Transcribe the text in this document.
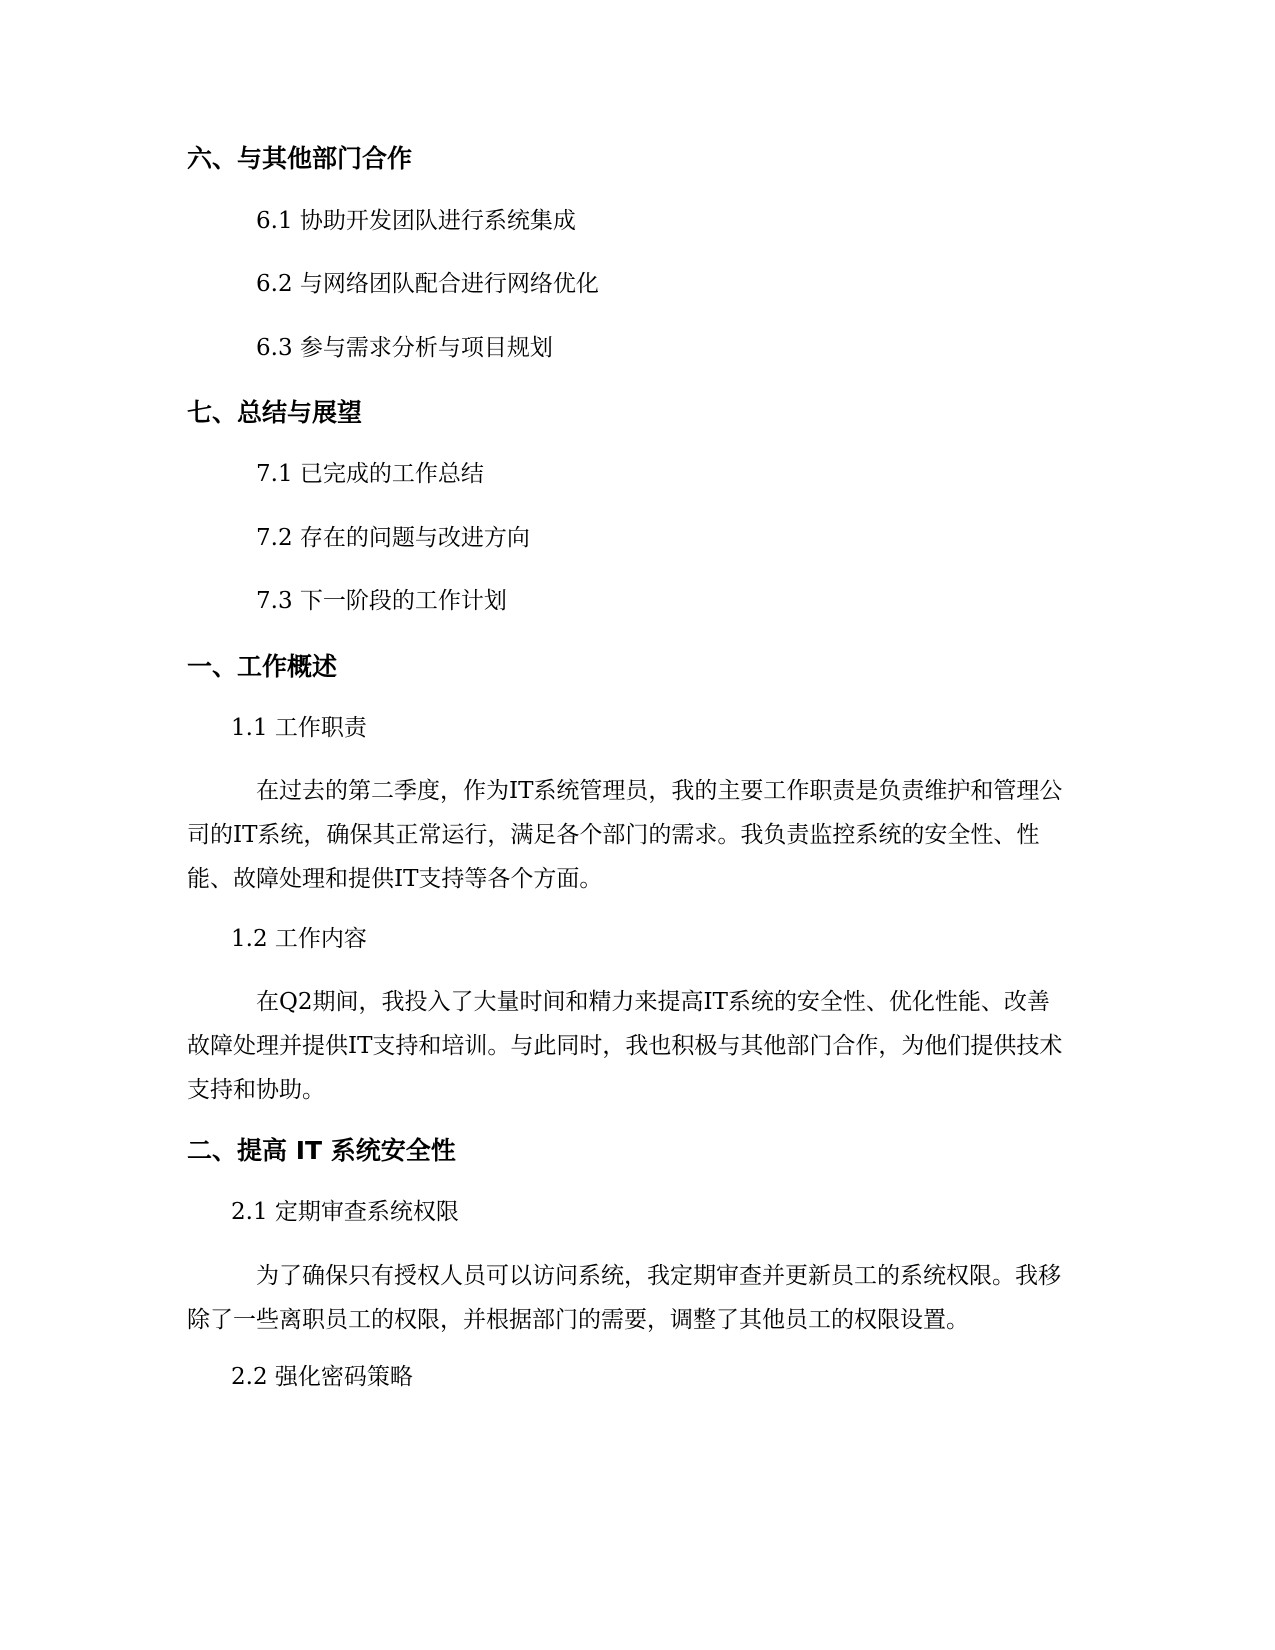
六、与其他部门合作
6.1 协助开发团队进行系统集成
6.2 与网络团队配合进行网络优化
6.3 参与需求分析与项目规划
七、总结与展望
7.1 已完成的工作总结
7.2 存在的问题与改进方向
7.3 下一阶段的工作计划
一、工作概述
1.1 工作职责

在过去的第二季度，作为IT系统管理员，我的主要工作职责是负责维护和管理公司的IT系统，确保其正常运行，满足各个部门的需求。我负责监控系统的安全性、性能、故障处理和提供IT支持等各个方面。

1.2 工作内容

在Q2期间，我投入了大量时间和精力来提高IT系统的安全性、优化性能、改善故障处理并提供IT支持和培训。与此同时，我也积极与其他部门合作，为他们提供技术支持和协助。

二、提高 IT 系统安全性
2.1 定期审查系统权限

为了确保只有授权人员可以访问系统，我定期审查并更新员工的系统权限。我移除了一些离职员工的权限，并根据部门的需要，调整了其他员工的权限设置。

2.2 强化密码策略
